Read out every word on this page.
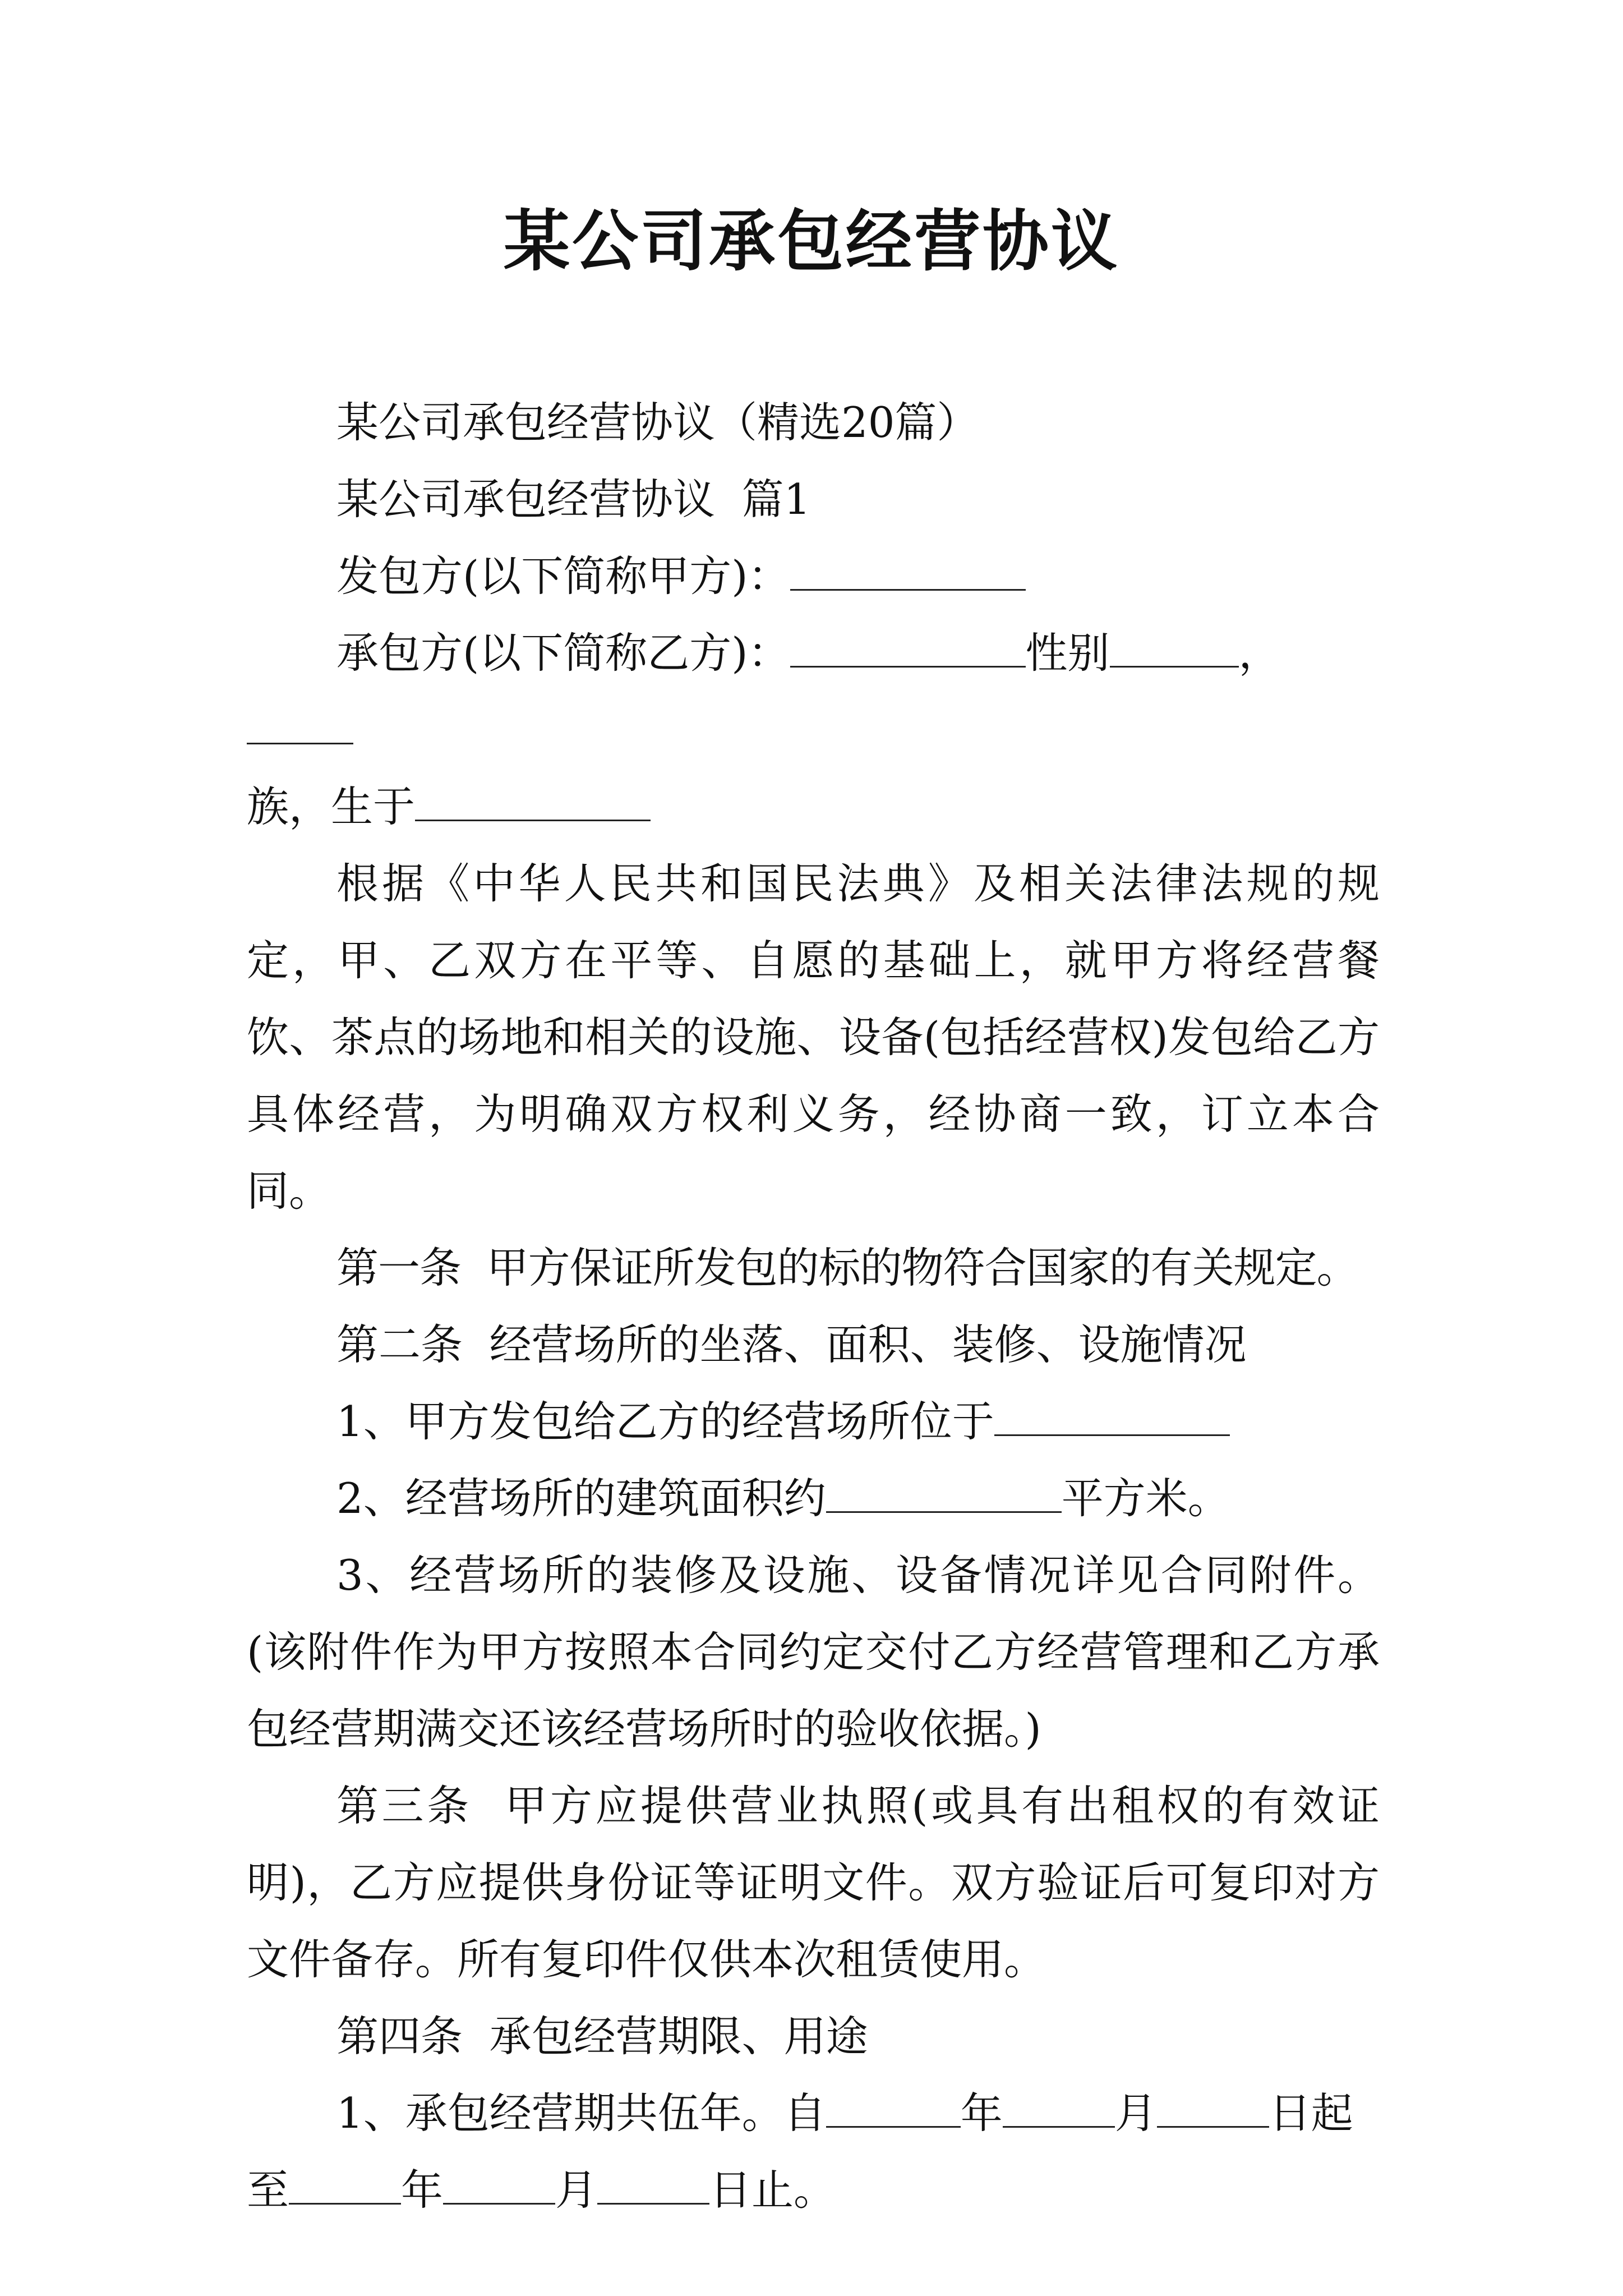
某公司承包经营协议

某公司承包经营协议（精选20篇）

某公司承包经营协议  篇1

发包方(以下简称甲方)：

承包方(以下简称乙方)：	性别	，

族，生于

根据《中华人民共和国民法典》及相关法律法规的规定，甲、乙双方在平等、自愿的基础上，就甲方将经营餐饮、茶点的场地和相关的设施、设备(包括经营权)发包给乙方具体经营，为明确双方权利义务，经协商一致，订立本合同。

第一条  甲方保证所发包的标的物符合国家的有关规定。

第二条  经营场所的坐落、面积、装修、设施情况

1、甲方发包给乙方的经营场所位于

2、经营场所的建筑面积约	平方米。

3、经营场所的装修及设施、设备情况详见合同附件。(该附件作为甲方按照本合同约定交付乙方经营管理和乙方承包经营期满交还该经营场所时的验收依据。)

第三条  甲方应提供营业执照(或具有出租权的有效证明)，乙方应提供身份证等证明文件。双方验证后可复印对方文件备存。所有复印件仅供本次租赁使用。

第四条  承包经营期限、用途

1、承包经营期共伍年。自	年	月	日起

至	年	月	日止。
